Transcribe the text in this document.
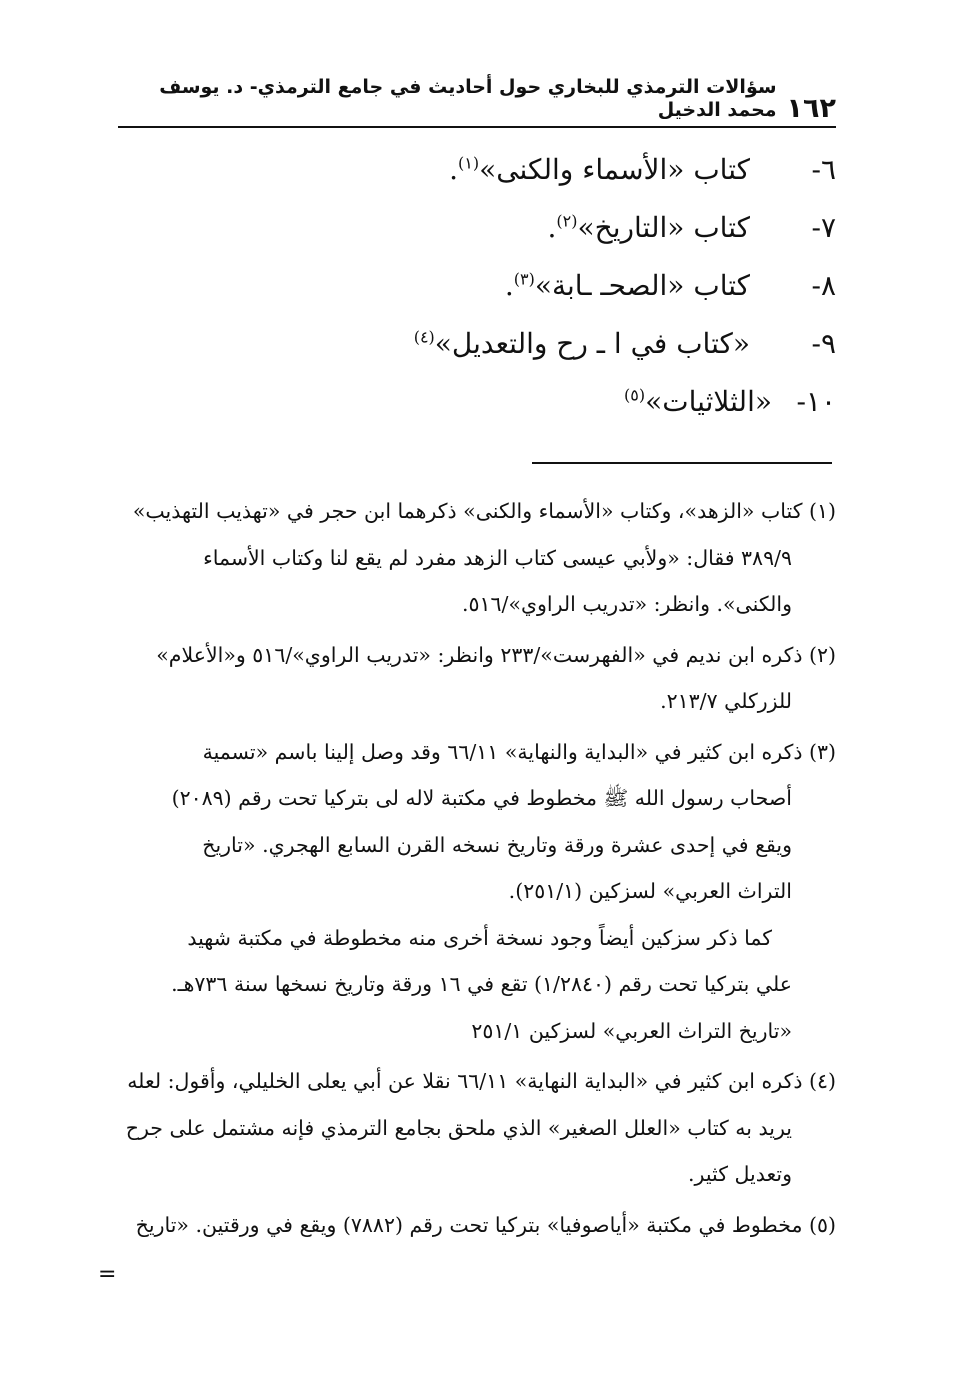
١٦٢
سؤالات الترمذي للبخاري حول أحاديث في جامع الترمذي- د. يوسف محمد الدخيل
٦-
كتاب «الأسماء والكنى»$^{(١)}$.
٧-
كتاب «التاريخ»$^{(٢)}$.
٨-
كتاب «الصحـ ـابة»$^{(٣)}$.
٩-
«كتاب في ا ـ رح والتعديل»$^{(٤)}$
١٠-
«الثلاثيات»$^{(٥)}$
(١) كتاب «الزهد»، وكتاب «الأسماء والكنى» ذكرهما ابن حجر في «تهذيب التهذيب»
٣٨٩/٩ فقال: «ولأبي عيسى كتاب الزهد مفرد لم يقع لنا وكتاب الأسماء
والكنى». وانظر: «تدريب الراوي»/٥١٦.
(٢) ذكره ابن نديم في «الفهرست»/٢٣٣ وانظر: «تدريب الراوي»/٥١٦ و«الأعلام»
للزركلي ٢١٣/٧.
(٣) ذكره ابن كثير في «البداية والنهاية» ٦٦/١١ وقد وصل إلينا باسم «تسمية
أصحاب رسول الله ﷺ مخطوط في مكتبة لاله لى بتركيا تحت رقم (٢٠٨٩)
ويقع في إحدى عشرة ورقة وتاريخ نسخه القرن السابع الهجري. «تاريخ
التراث العربي» لسزكين (٢٥١/١).
كما ذكر سزكين أيضاً وجود نسخة أخرى منه مخطوطة في مكتبة شهيد
علي بتركيا تحت رقم (١/٢٨٤٠) تقع في ١٦ ورقة وتاريخ نسخها سنة ٧٣٦هـ.
«تاريخ التراث العربي» لسزكين ٢٥١/١
(٤) ذكره ابن كثير في «البداية النهاية» ٦٦/١١ نقلا عن أبي يعلى الخليلي، وأقول: لعله
يريد به كتاب «العلل الصغير» الذي ملحق بجامع الترمذي فإنه مشتمل على جرح
وتعديل كثير.
(٥) مخطوط في مكتبة «أياصوفيا» بتركيا تحت رقم (٧٨٨٢) ويقع في ورقتين. «تاريخ
=
